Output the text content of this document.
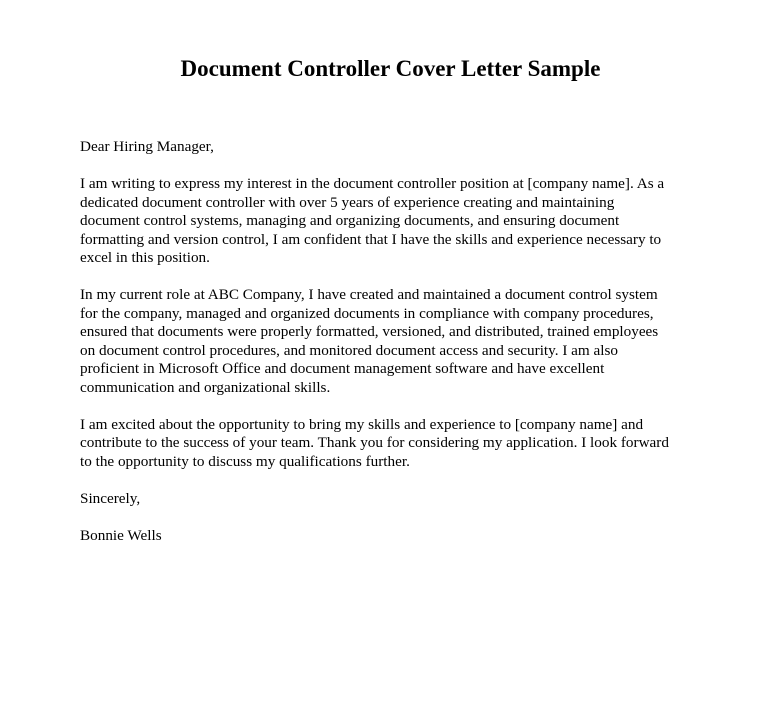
Document Controller Cover Letter Sample

Dear Hiring Manager,

I am writing to express my interest in the document controller position at [company name]. As a
dedicated document controller with over 5 years of experience creating and maintaining
document control systems, managing and organizing documents, and ensuring document
formatting and version control, I am confident that I have the skills and experience necessary to
excel in this position.

In my current role at ABC Company, I have created and maintained a document control system
for the company, managed and organized documents in compliance with company procedures,
ensured that documents were properly formatted, versioned, and distributed, trained employees
on document control procedures, and monitored document access and security. I am also
proficient in Microsoft Office and document management software and have excellent
communication and organizational skills.

I am excited about the opportunity to bring my skills and experience to [company name] and
contribute to the success of your team. Thank you for considering my application. I look forward
to the opportunity to discuss my qualifications further.

Sincerely,

Bonnie Wells
